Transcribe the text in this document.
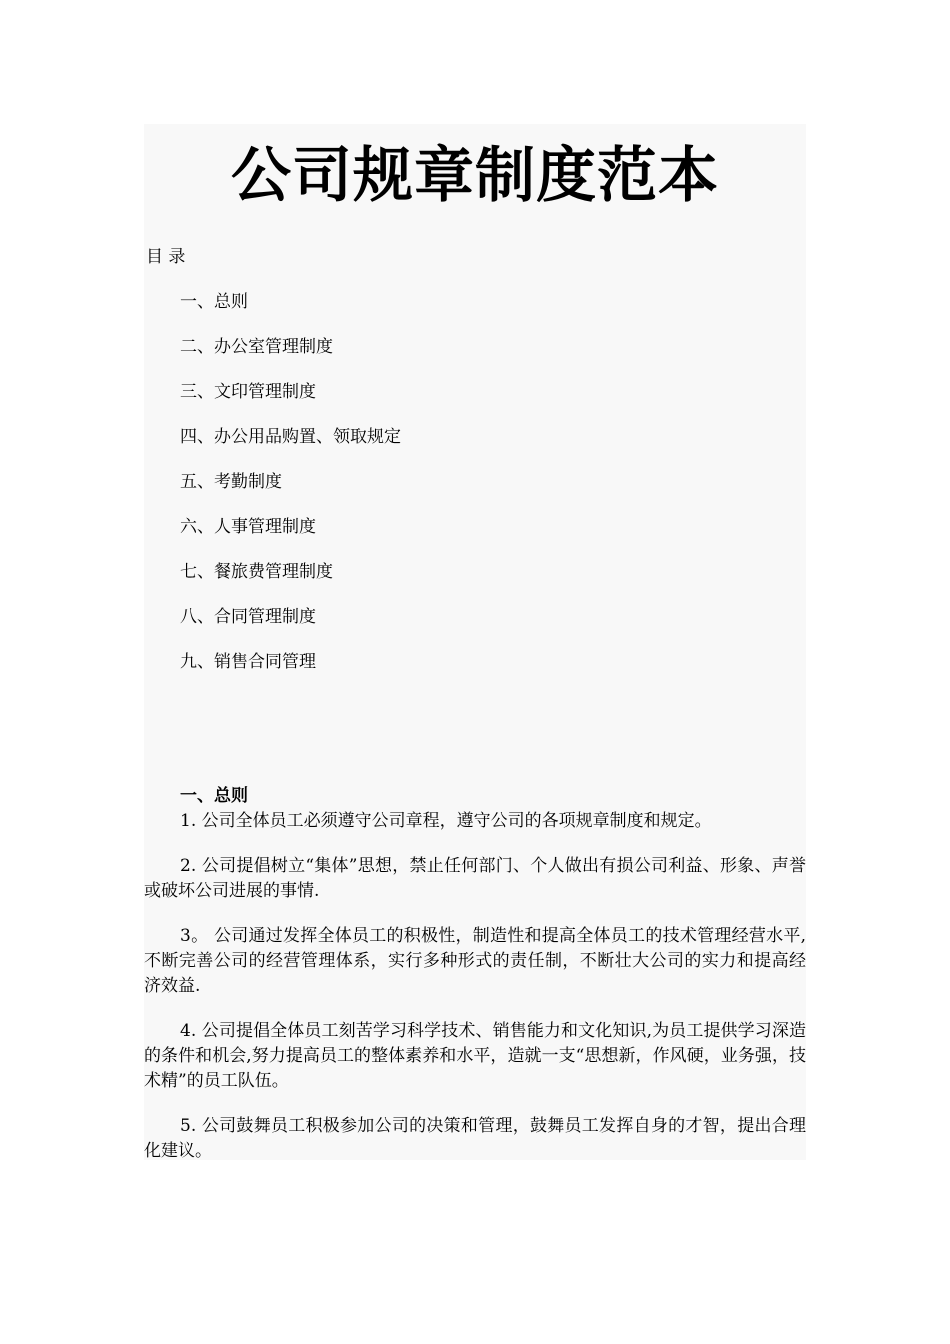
公司规章制度范本

目 录

一、总则
二、办公室管理制度
三、文印管理制度
四、办公用品购置、领取规定
五、考勤制度
六、人事管理制度
七、餐旅费管理制度
八、合同管理制度
九、销售合同管理

一、总则

1. 公司全体员工必须遵守公司章程，遵守公司的各项规章制度和规定。

2. 公司提倡树立“集体”思想，禁止任何部门、个人做出有损公司利益、形象、声誉或破坏公司进展的事情.

3。 公司通过发挥全体员工的积极性，制造性和提高全体员工的技术管理经营水平,不断完善公司的经营管理体系，实行多种形式的责任制，不断壮大公司的实力和提高经济效益.

4. 公司提倡全体员工刻苦学习科学技术、销售能力和文化知识,为员工提供学习深造的条件和机会,努力提高员工的整体素养和水平，造就一支“思想新，作风硬，业务强，技术精”的员工队伍。

5. 公司鼓舞员工积极参加公司的决策和管理，鼓舞员工发挥自身的才智，提出合理化建议。
